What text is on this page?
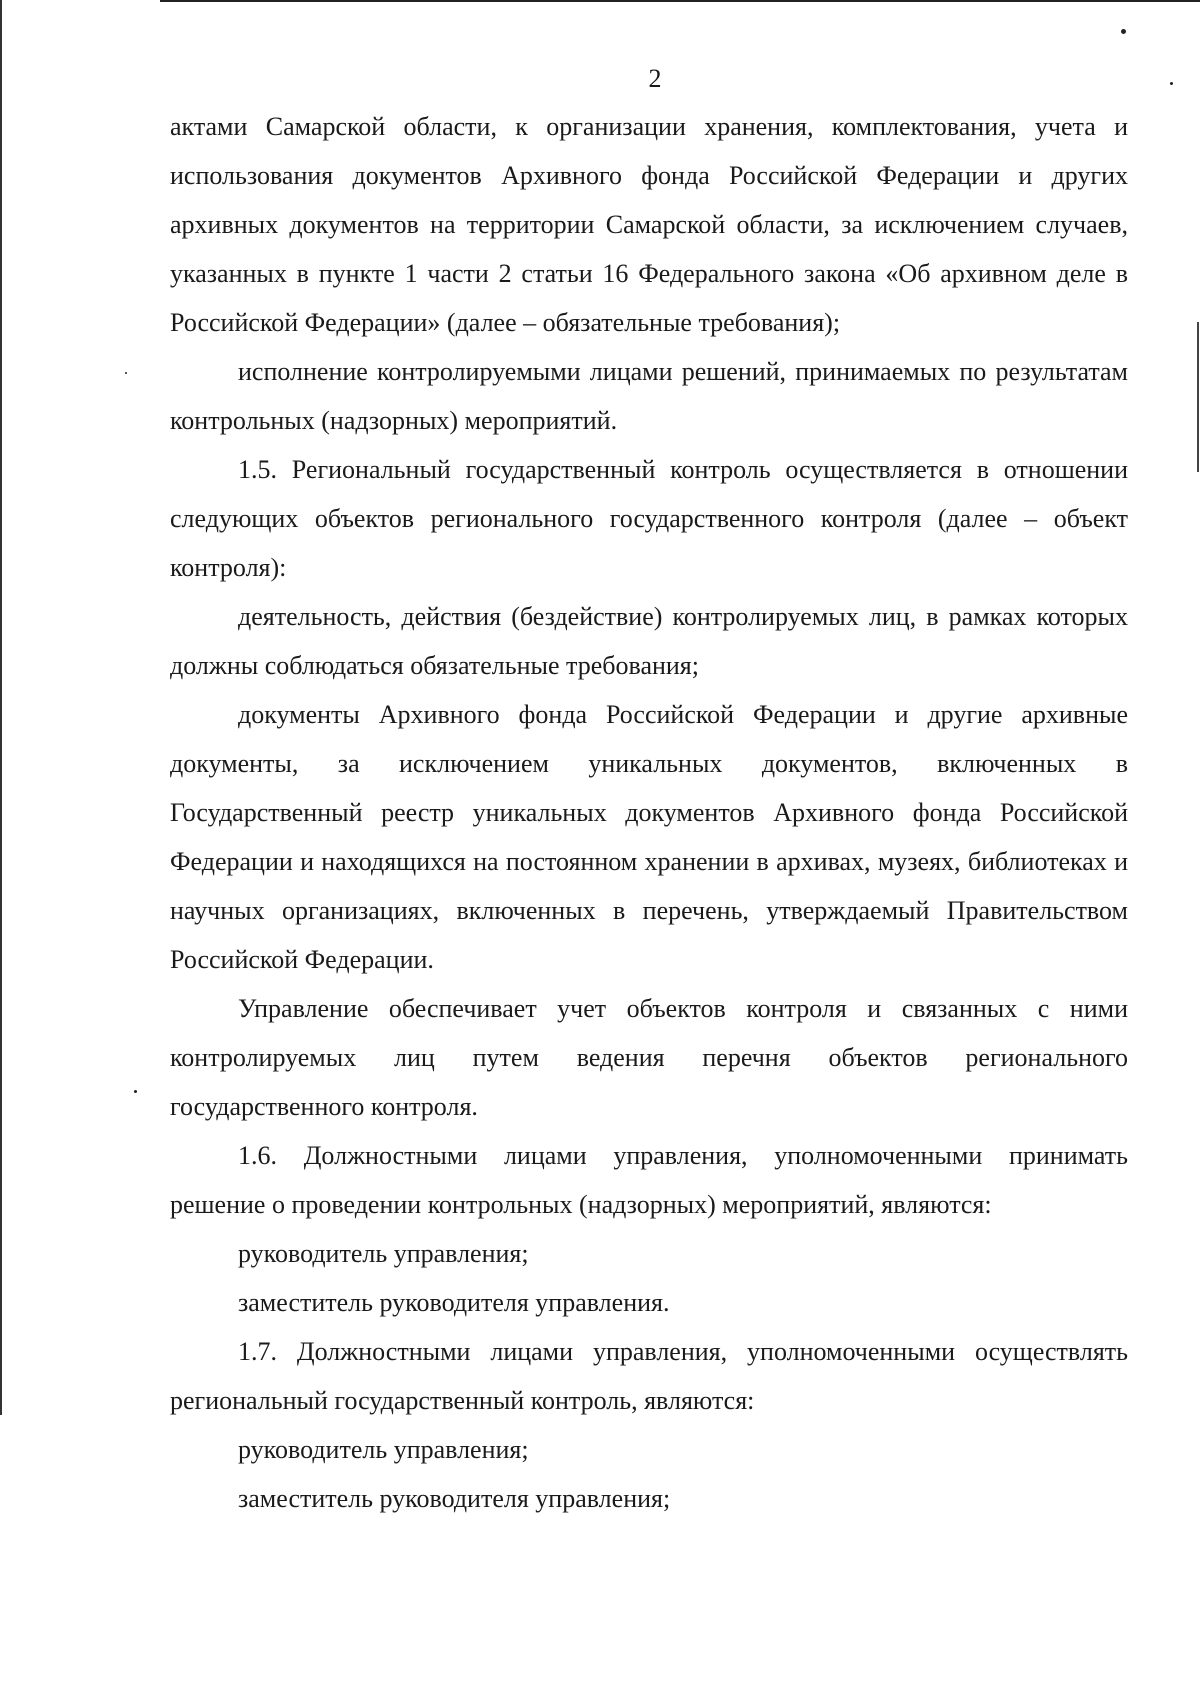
2

актами Самарской области, к организации хранения, комплектования, учета и использования документов Архивного фонда Российской Федерации и других архивных документов на территории Самарской области, за исключением случаев, указанных в пункте 1 части 2 статьи 16 Федерального закона «Об архивном деле в Российской Федерации» (далее – обязательные требования);

исполнение контролируемыми лицами решений, принимаемых по результатам контрольных (надзорных) мероприятий.

1.5. Региональный государственный контроль осуществляется в отношении следующих объектов регионального государственного контроля (далее – объект контроля):

деятельность, действия (бездействие) контролируемых лиц, в рамках которых должны соблюдаться обязательные требования;

документы Архивного фонда Российской Федерации и другие архивные документы, за исключением уникальных документов, включенных в Государственный реестр уникальных документов Архивного фонда Российской Федерации и находящихся на постоянном хранении в архивах, музеях, библиотеках и научных организациях, включенных в перечень, утверждаемый Правительством Российской Федерации.

Управление обеспечивает учет объектов контроля и связанных с ними контролируемых лиц путем ведения перечня объектов регионального государственного контроля.

1.6. Должностными лицами управления, уполномоченными принимать решение о проведении контрольных (надзорных) мероприятий, являются:

руководитель управления;

заместитель руководителя управления.

1.7. Должностными лицами управления, уполномоченными осуществлять региональный государственный контроль, являются:

руководитель управления;

заместитель руководителя управления;
